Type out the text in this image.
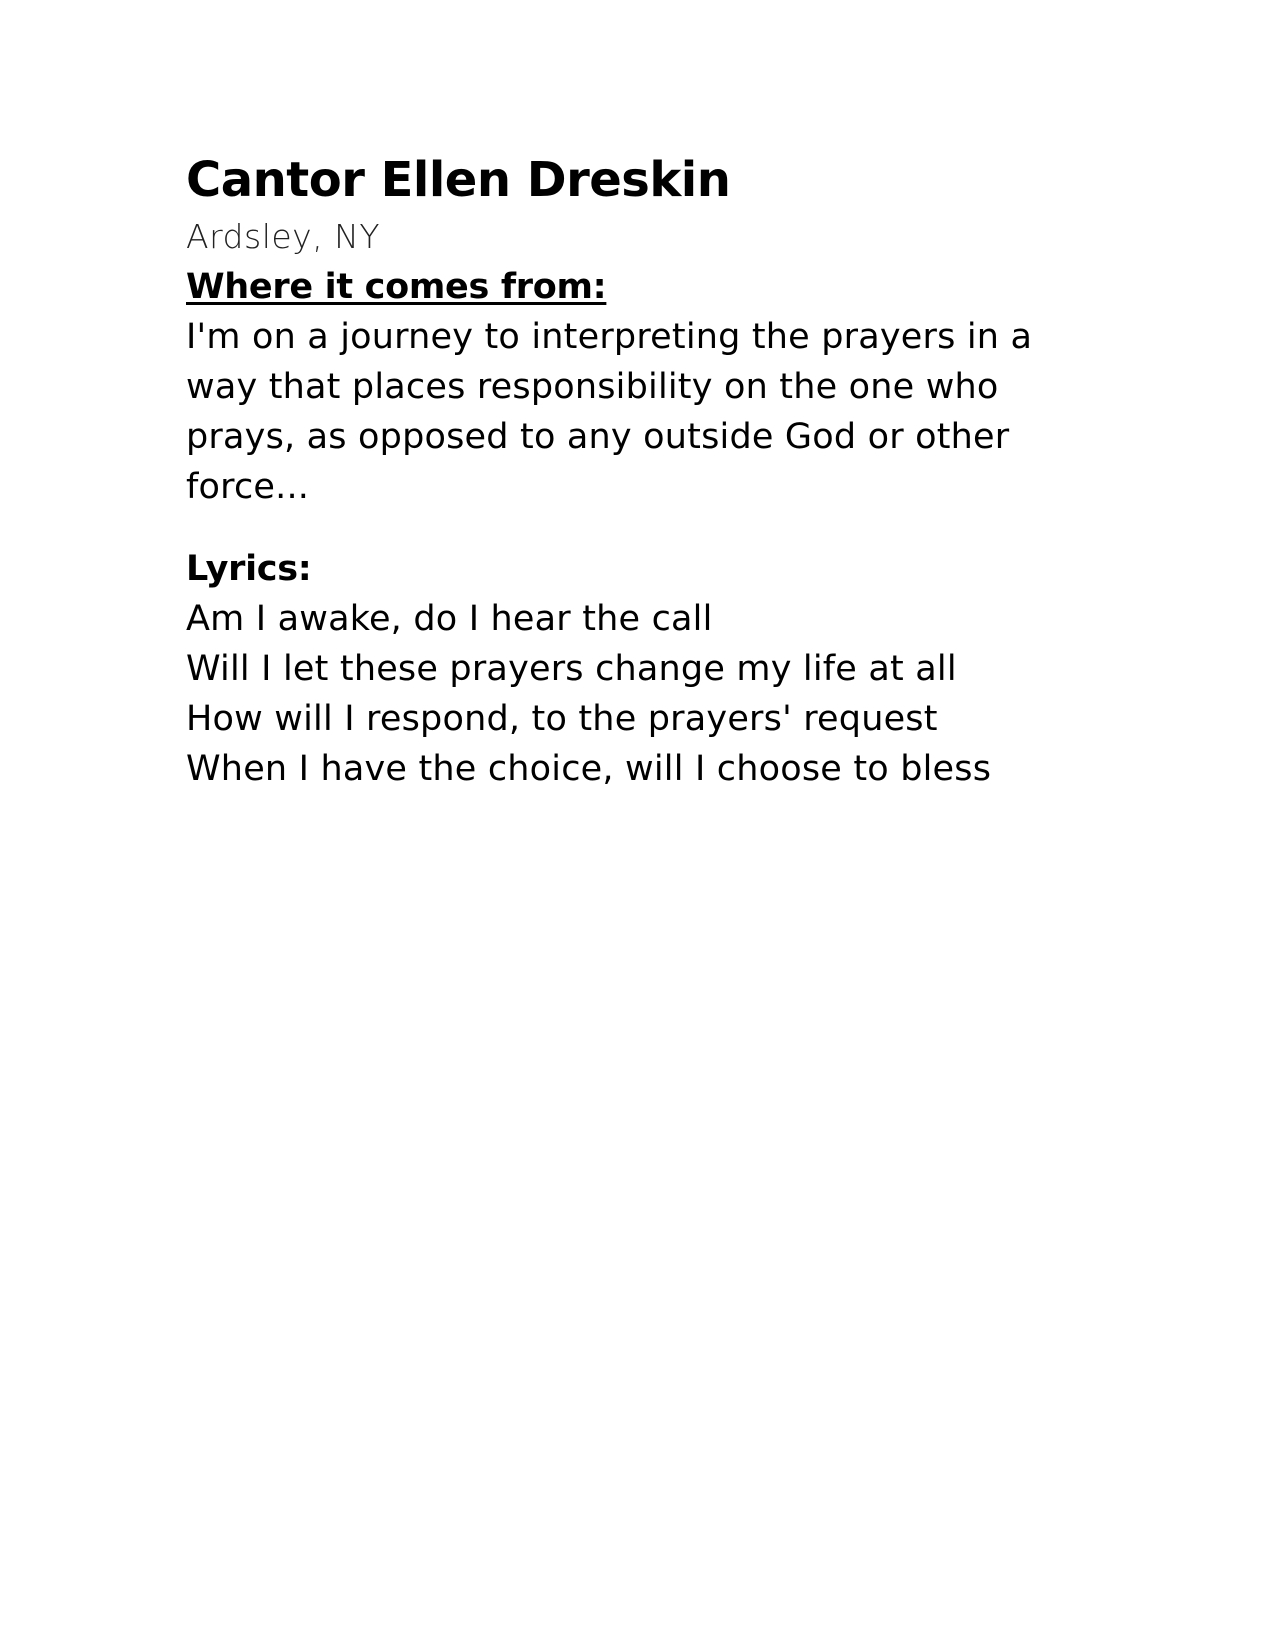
Cantor Ellen Dreskin

Ardsley, NY

Where it comes from:

I'm on a journey to interpreting the prayers in a way that places responsibility on the one who prays, as opposed to any outside God or other force...

Lyrics:

Am I awake, do I hear the call
Will I let these prayers change my life at all
How will I respond, to the prayers' request
When I have the choice, will I choose to bless
